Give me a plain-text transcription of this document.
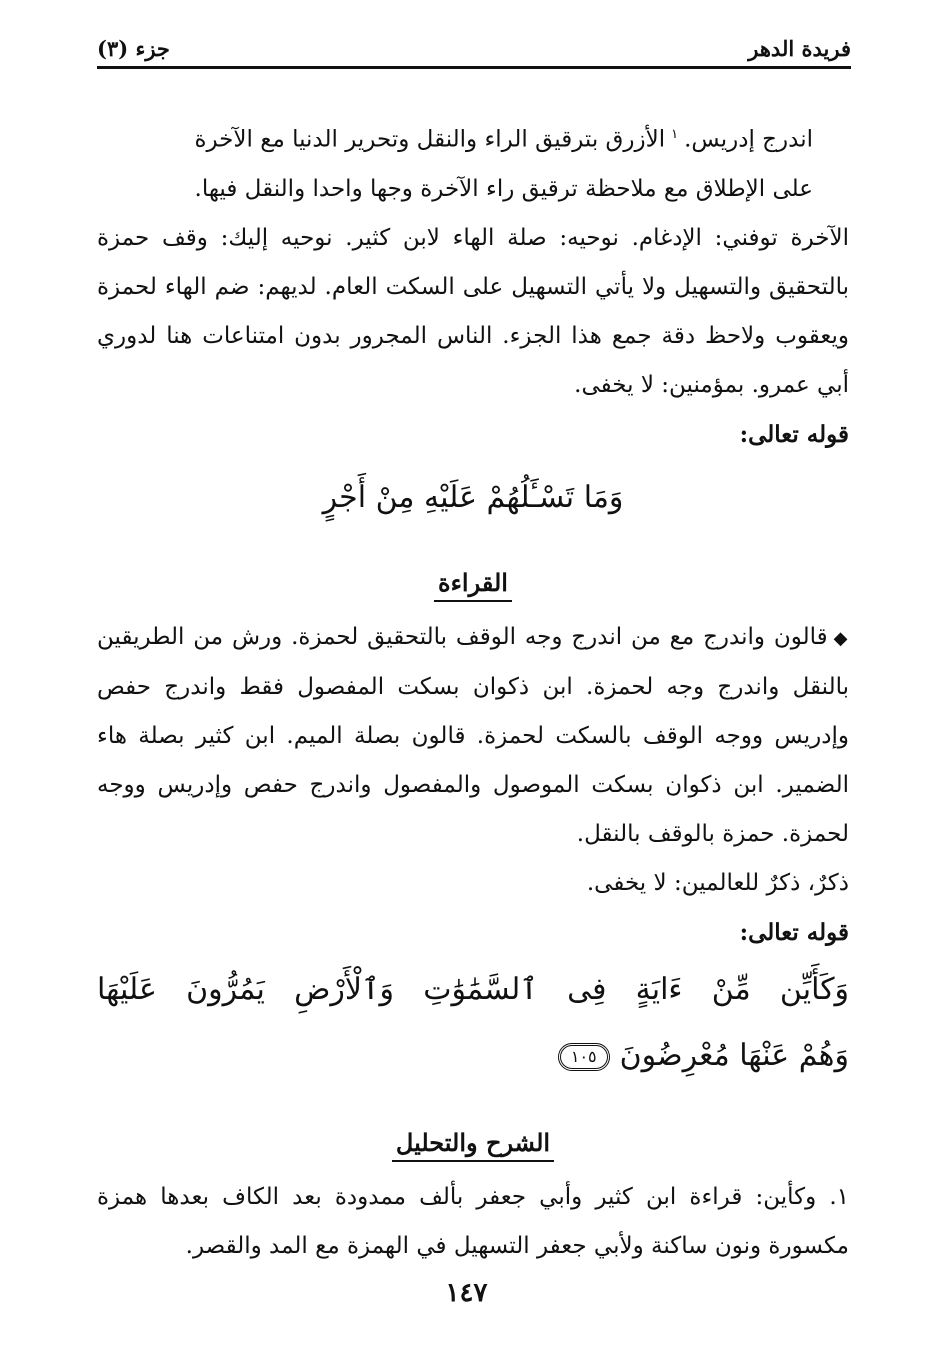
فريدة الدهر
جزء (٣)

اندرج إدريس.$^١$الأزرق بترقيق الراء والنقل وتحرير الدنيا مع الآخرة

على الإطلاق مع ملاحظة ترقيق راء الآخرة وجها واحدا والنقل فيها.

الآخرة توفني: الإدغام. نوحيه: صلة الهاء لابن كثير. نوحيه إليك: وقف حمزة بالتحقيق والتسهيل ولا يأتي التسهيل على السكت العام. لديهم: ضم الهاء لحمزة ويعقوب ولاحظ دقة جمع هذا الجزء. الناس المجرور بدون امتناعات هنا لدوري أبي عمرو. بمؤمنين: لا يخفى.

قوله تعالى:

وَمَا تَسْـَٔلُهُمْ عَلَيْهِ مِنْ أَجْرٍ

القراءة

◆قالون واندرج مع من اندرج وجه الوقف بالتحقيق لحمزة. ورش من الطريقين بالنقل واندرج وجه لحمزة. ابن ذكوان بسكت المفصول فقط واندرج حفص وإدريس ووجه الوقف بالسكت لحمزة. قالون بصلة الميم. ابن كثير بصلة هاء الضمير. ابن ذكوان بسكت الموصول والمفصول واندرج حفص وإدريس ووجه لحمزة. حمزة بالوقف بالنقل.

ذكرٌ، ذكرٌ للعالمين: لا يخفى.

قوله تعالى:

وَكَأَيِّن مِّنْ ءَايَةٍ فِى ٱلسَّمَٰوَٰتِ وَٱلْأَرْضِ يَمُرُّونَ عَلَيْهَا

وَهُمْ عَنْهَا مُعْرِضُونَ١٠٥

الشرح والتحليل

١. وكأين: قراءة ابن كثير وأبي جعفر بألف ممدودة بعد الكاف بعدها همزة مكسورة ونون ساكنة ولأبي جعفر التسهيل في الهمزة مع المد والقصر.

١٤٧
